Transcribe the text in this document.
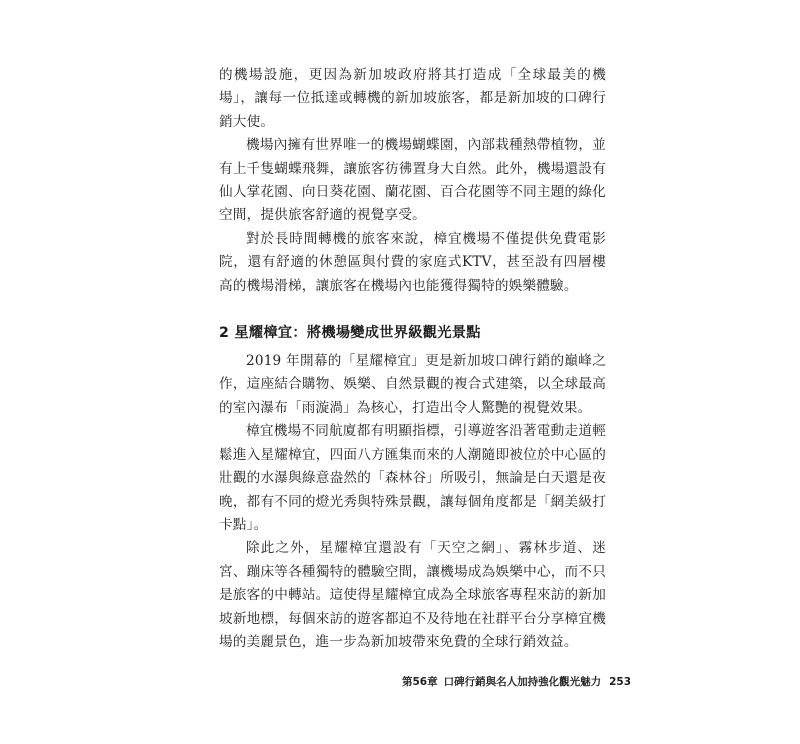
的機場設施，更因為新加坡政府將其打造成「全球最美的機場」，讓每一位抵達或轉機的新加坡旅客，都是新加坡的口碑行銷大使。

機場內擁有世界唯一的機場蝴蝶園，內部栽種熱帶植物，並有上千隻蝴蝶飛舞，讓旅客彷彿置身大自然。此外，機場還設有仙人掌花園、向日葵花園、蘭花園、百合花園等不同主題的綠化空間，提供旅客舒適的視覺享受。

對於長時間轉機的旅客來說，樟宜機場不僅提供免費電影院，還有舒適的休憩區與付費的家庭式KTV，甚至設有四層樓高的機場滑梯，讓旅客在機場內也能獲得獨特的娛樂體驗。

2 星耀樟宜：將機場變成世界級觀光景點

2019 年開幕的「星耀樟宜」更是新加坡口碑行銷的巔峰之作，這座結合購物、娛樂、自然景觀的複合式建築，以全球最高的室內瀑布「雨漩渦」為核心，打造出令人驚艷的視覺效果。

樟宜機場不同航廈都有明顯指標，引導遊客沿著電動走道輕鬆進入星耀樟宜，四面八方匯集而來的人潮隨即被位於中心區的壯觀的水瀑與綠意盎然的「森林谷」所吸引，無論是白天還是夜晚，都有不同的燈光秀與特殊景觀，讓每個角度都是「網美級打卡點」。

除此之外，星耀樟宜還設有「天空之網」、霧林步道、迷宮、蹦床等各種獨特的體驗空間，讓機場成為娛樂中心，而不只是旅客的中轉站。這使得星耀樟宜成為全球旅客專程來訪的新加坡新地標，每個來訪的遊客都迫不及待地在社群平台分享樟宜機場的美麗景色，進一步為新加坡帶來免費的全球行銷效益。

第56章 口碑行銷與名人加持強化觀光魅力 253
